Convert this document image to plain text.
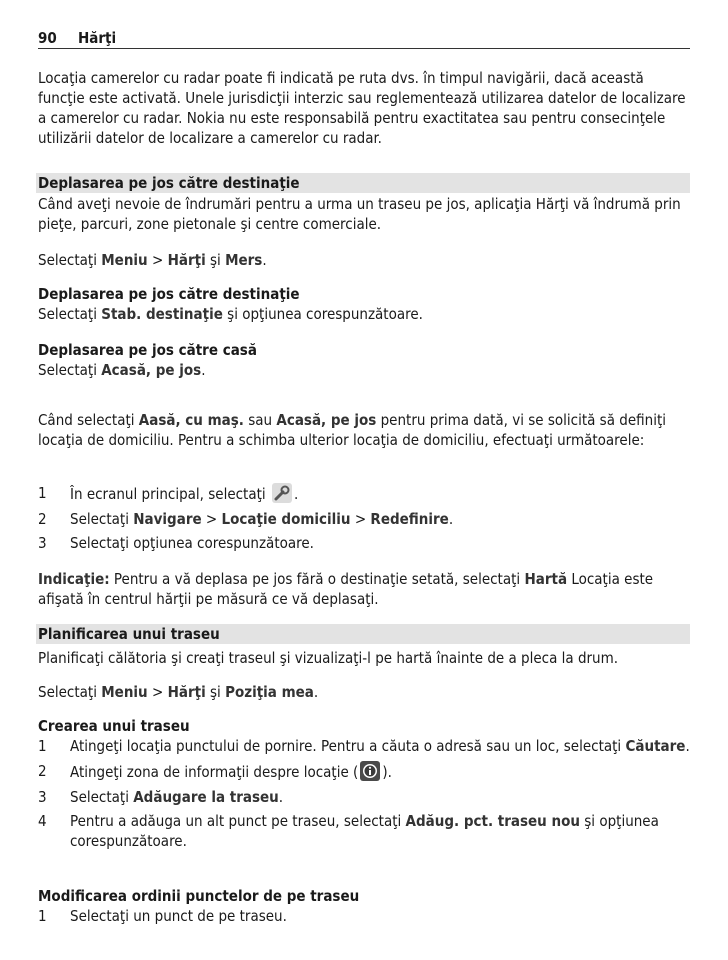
90 Hărţi

Locaţia camerelor cu radar poate fi indicată pe ruta dvs. în timpul navigării, dacă această funcţie este activată. Unele jurisdicţii interzic sau reglementează utilizarea datelor de localizare a camerelor cu radar. Nokia nu este responsabilă pentru exactitatea sau pentru consecinţele utilizării datelor de localizare a camerelor cu radar.

Deplasarea pe jos către destinaţie

Când aveţi nevoie de îndrumări pentru a urma un traseu pe jos, aplicaţia Hărţi vă îndrumă prin pieţe, parcuri, zone pietonale şi centre comerciale.

Selectaţi Meniu > Hărţi şi Mers.
Deplasarea pe jos către destinaţie
Selectaţi Stab. destinaţie şi opţiunea corespunzătoare.
Deplasarea pe jos către casă
Selectaţi Acasă, pe jos.
Când selectaţi Aasă, cu maş. sau Acasă, pe jos pentru prima dată, vi se solicită să definiţi locaţia de domiciliu. Pentru a schimba ulterior locaţia de domiciliu, efectuaţi următoarele:
1 În ecranul principal, selectaţi .
2 Selectaţi Navigare > Locaţie domiciliu > Redefinire.
3 Selectaţi opţiunea corespunzătoare.
Indicaţie: Pentru a vă deplasa pe jos fără o destinaţie setată, selectaţi Hartă Locaţia este afişată în centrul hărţii pe măsură ce vă deplasaţi.
Planificarea unui traseu

Planificaţi călătoria şi creaţi traseul şi vizualizaţi-l pe hartă înainte de a pleca la drum.

Selectaţi Meniu > Hărţi şi Poziţia mea.
Crearea unui traseu
1 Atingeţi locaţia punctului de pornire. Pentru a căuta o adresă sau un loc, selectaţi Căutare.
2 Atingeţi zona de informaţii despre locaţie ( ).
3 Selectaţi Adăugare la traseu.
4 Pentru a adăuga un alt punct pe traseu, selectaţi Adăug. pct. traseu nou şi opţiunea corespunzătoare.
Modificarea ordinii punctelor de pe traseu
1 Selectaţi un punct de pe traseu.
